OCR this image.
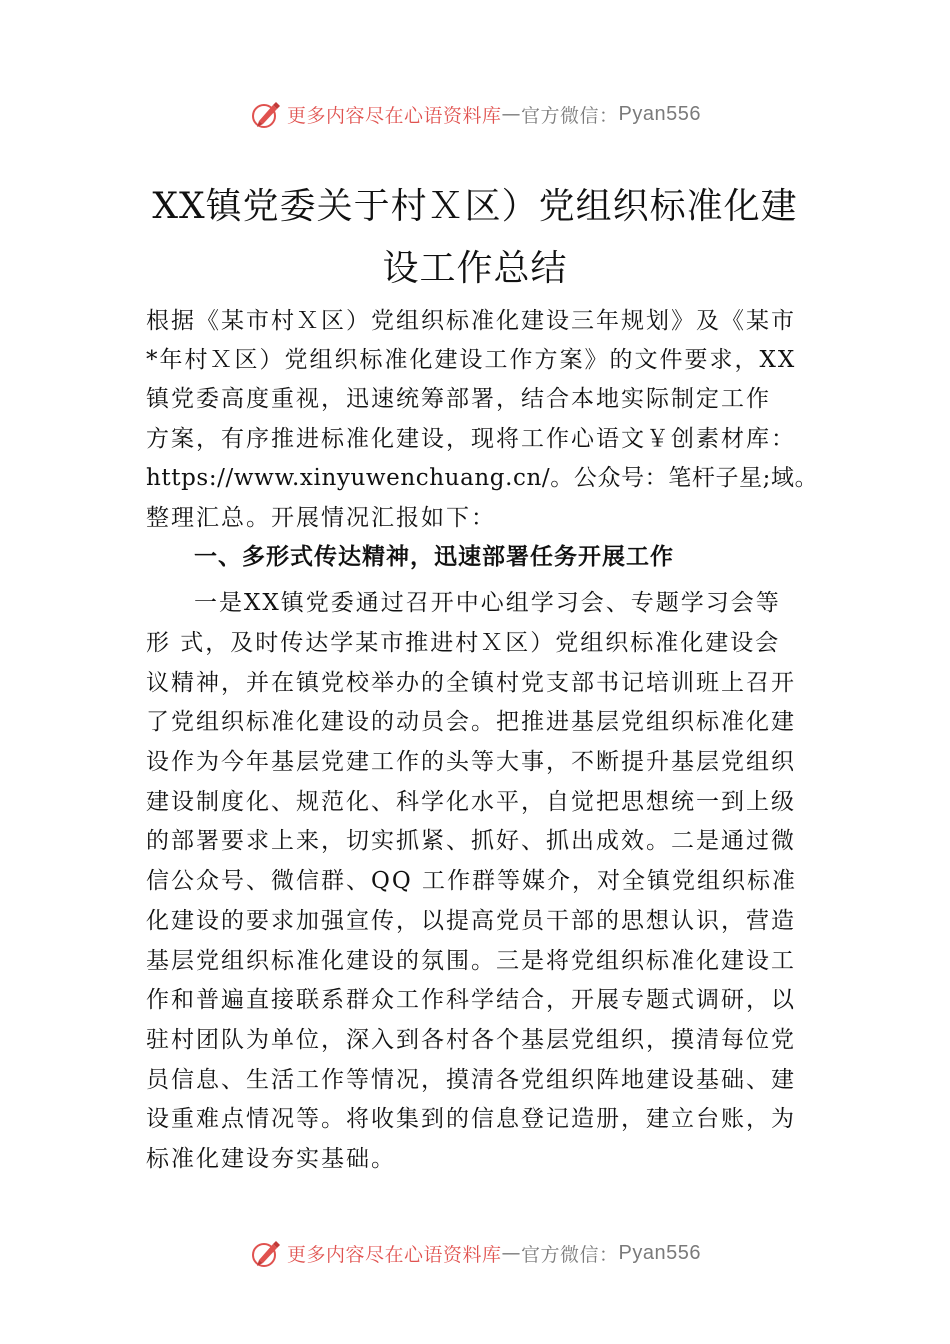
更多内容尽在心语资料库 — 官方微信： Pyan556
XX镇党委关于村Ｘ区）党组织标准化建
设工作总结
根据《某市村Ｘ区）党组织标准化建设三年规划》及《某市
*年村Ｘ区）党组织标准化建设工作方案》的文件要求，XX
镇党委高度重视，迅速统筹部署，结合本地实际制定工作
方案，有序推进标准化建设，现将工作心语文￥创素材库：
https://www.xinyuwenchuang.cn/。公众号：笔杆子星;域。
整理汇总。开展情况汇报如下：
一、多形式传达精神，迅速部署任务开展工作
一是XX镇党委通过召开中心组学习会、专题学习会等
形 式，及时传达学某市推进村Ｘ区）党组织标准化建设会
议精神，并在镇党校举办的全镇村党支部书记培训班上召开
了党组织标准化建设的动员会。把推进基层党组织标准化建
设作为今年基层党建工作的头等大事，不断提升基层党组织
建设制度化、规范化、科学化水平，自觉把思想统一到上级
的部署要求上来，切实抓紧、抓好、抓出成效。二是通过微
信公众号、微信群、QQ 工作群等媒介，对全镇党组织标准
化建设的要求加强宣传，以提高党员干部的思想认识，营造
基层党组织标准化建设的氛围。三是将党组织标准化建设工
作和普遍直接联系群众工作科学结合，开展专题式调研，以
驻村团队为单位，深入到各村各个基层党组织，摸清每位党
员信息、生活工作等情况，摸清各党组织阵地建设基础、建
设重难点情况等。将收集到的信息登记造册，建立台账，为
标准化建设夯实基础。
更多内容尽在心语资料库 — 官方微信： Pyan556
